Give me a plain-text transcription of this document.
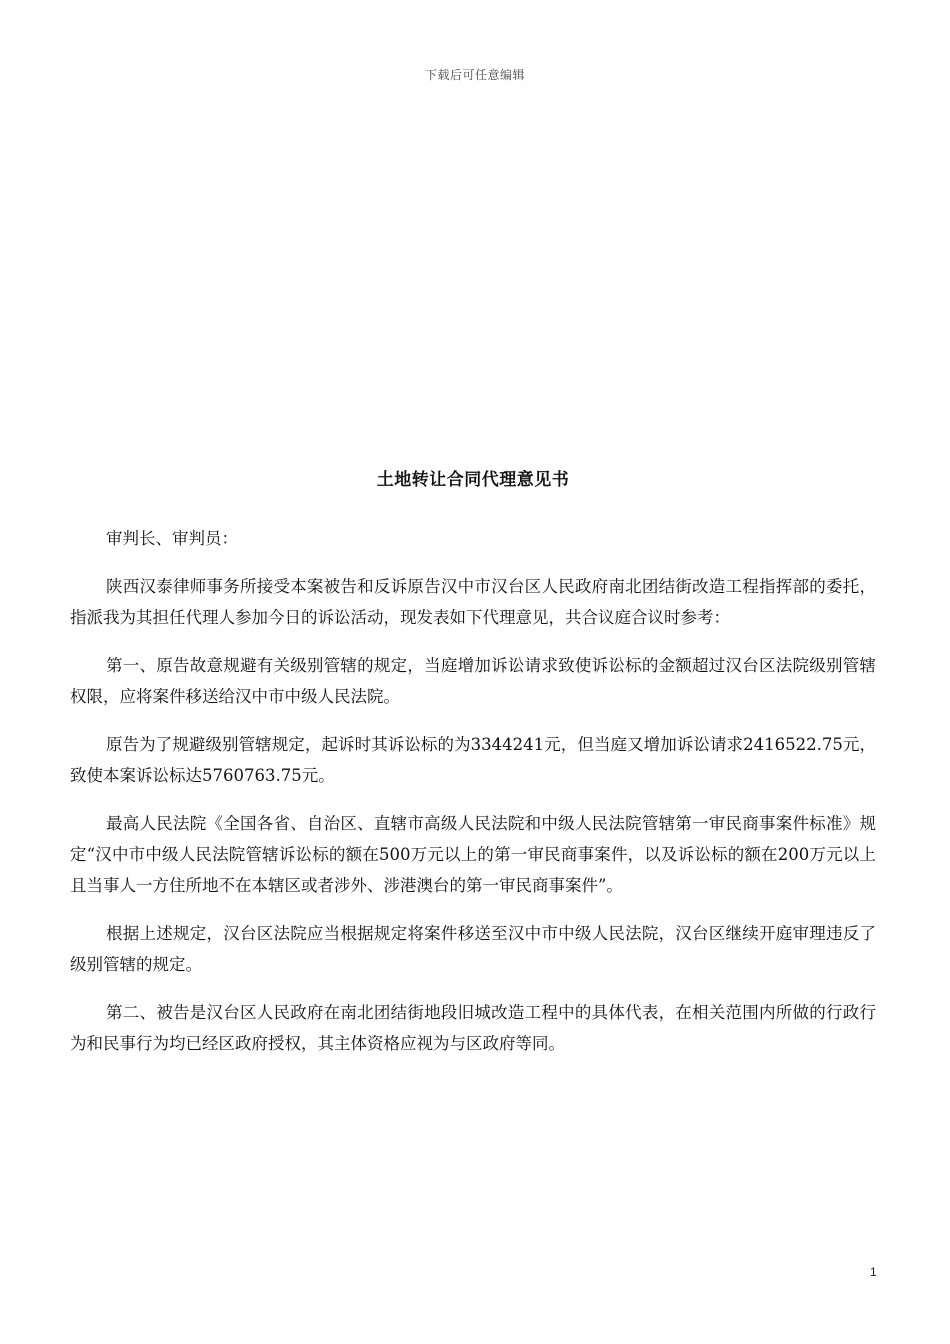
下载后可任意编辑
土地转让合同代理意见书

审判长、审判员：

陕西汉泰律师事务所接受本案被告和反诉原告汉中市汉台区人民政府南北团结街改造工程指挥部的委托，指派我为其担任代理人参加今日的诉讼活动，现发表如下代理意见，共合议庭合议时参考：

第一、原告故意规避有关级别管辖的规定，当庭增加诉讼请求致使诉讼标的金额超过汉台区法院级别管辖权限，应将案件移送给汉中市中级人民法院。

原告为了规避级别管辖规定，起诉时其诉讼标的为3344241元，但当庭又增加诉讼请求2416522.75元，致使本案诉讼标达5760763.75元。

最高人民法院《全国各省、自治区、直辖市高级人民法院和中级人民法院管辖第一审民商事案件标准》规定“汉中市中级人民法院管辖诉讼标的额在500万元以上的第一审民商事案件，以及诉讼标的额在200万元以上且当事人一方住所地不在本辖区或者涉外、涉港澳台的第一审民商事案件”。

根据上述规定，汉台区法院应当根据规定将案件移送至汉中市中级人民法院，汉台区继续开庭审理违反了级别管辖的规定。

第二、被告是汉台区人民政府在南北团结街地段旧城改造工程中的具体代表，在相关范围内所做的行政行为和民事行为均已经区政府授权，其主体资格应视为与区政府等同。

1
